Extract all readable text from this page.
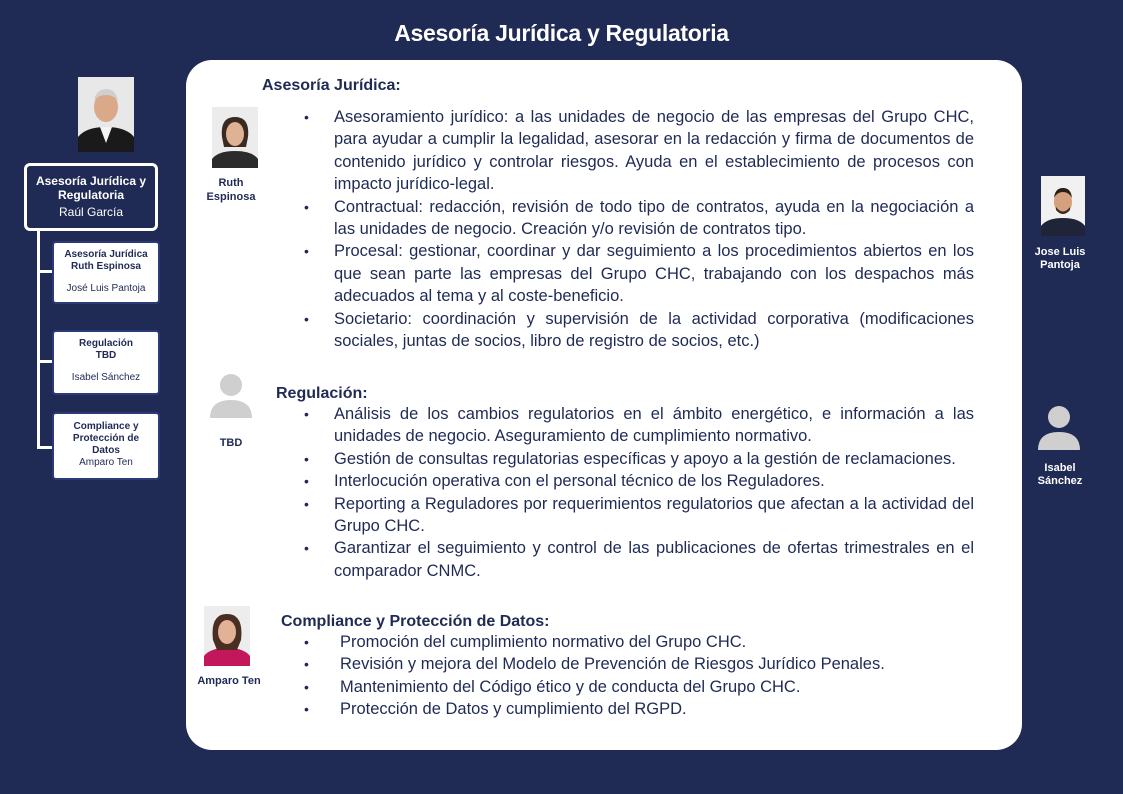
Asesoría Jurídica y Regulatoria
Asesoría Jurídica y Regulatoria
Raúl García
Asesoría Jurídica
Ruth Espinosa
José Luis Pantoja
Regulación
TBD
Isabel Sánchez
Compliance y Protección de Datos
Amparo Ten
Jose Luis Pantoja
Isabel Sánchez
Ruth Espinosa
TBD
Amparo Ten
Asesoría Jurídica:
• Asesoramiento jurídico: a las unidades de negocio de las empresas del Grupo CHC, para ayudar a cumplir la legalidad, asesorar en la redacción y firma de documentos de contenido jurídico y controlar riesgos. Ayuda en el establecimiento de procesos con impacto jurídico-legal.
• Contractual: redacción, revisión de todo tipo de contratos, ayuda en la negociación a las unidades de negocio. Creación y/o revisión de contratos tipo.
• Procesal: gestionar, coordinar y dar seguimiento a los procedimientos abiertos en los que sean parte las empresas del Grupo CHC, trabajando con los despachos más adecuados al tema y al coste-beneficio.
• Societario: coordinación y supervisión de la actividad corporativa (modificaciones sociales, juntas de socios, libro de registro de socios, etc.)
Regulación:
• Análisis de los cambios regulatorios en el ámbito energético, e información a las unidades de negocio. Aseguramiento de cumplimiento normativo.
• Gestión de consultas regulatorias específicas y apoyo a la gestión de reclamaciones.
• Interlocución operativa con el personal técnico de los Reguladores.
• Reporting a Reguladores por requerimientos regulatorios que afectan a la actividad del Grupo CHC.
• Garantizar el seguimiento y control de las publicaciones de ofertas trimestrales en el comparador CNMC.
Compliance y Protección de Datos:
• Promoción del cumplimiento normativo del Grupo CHC.
• Revisión y mejora del Modelo de Prevención de Riesgos Jurídico Penales.
• Mantenimiento del Código ético y de conducta del Grupo CHC.
• Protección de Datos y cumplimiento del RGPD.
